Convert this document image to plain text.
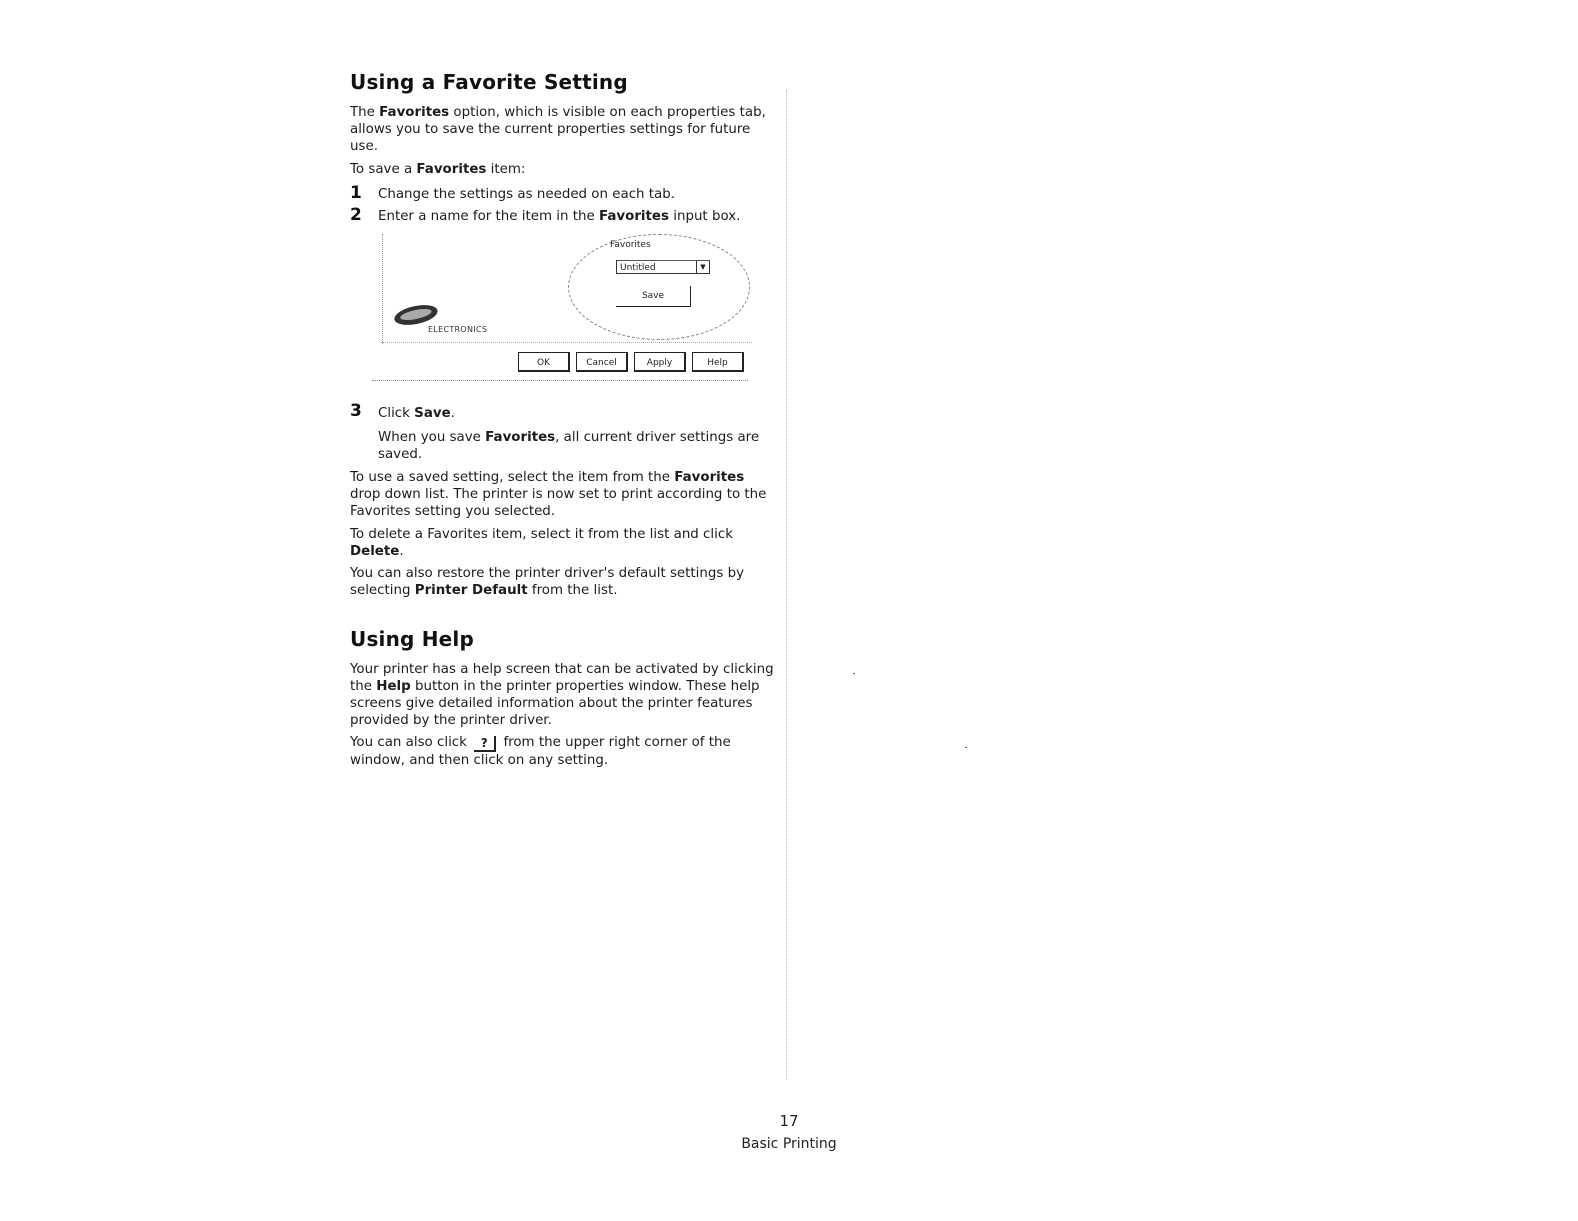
Using a Favorite Setting

The Favorites option, which is visible on each properties tab, allows you to save the current properties settings for future use.

To save a Favorites item:

1 Change the settings as needed on each tab.

2 Enter a name for the item in the Favorites input box.

3 Click Save.

When you save Favorites, all current driver settings are saved.

To use a saved setting, select the item from the Favorites drop down list. The printer is now set to print according to the Favorites setting you selected.

To delete a Favorites item, select it from the list and click Delete.

You can also restore the printer driver's default settings by selecting Printer Default from the list.

Using Help

Your printer has a help screen that can be activated by clicking the Help button in the printer properties window. These help screens give detailed information about the printer features provided by the printer driver.

You can also click ? from the upper right corner of the window, and then click on any setting.

ELECTRONICS
Favorites
Untitled	▼
Save
OK	Cancel	Apply	Help
17
Basic Printing
